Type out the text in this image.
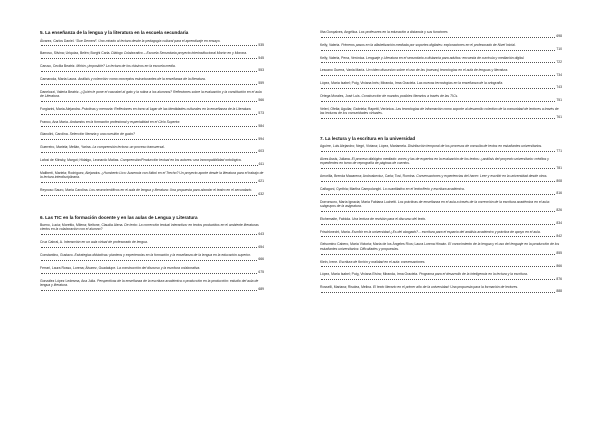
5. La enseñanza de la lengua y la literatura en la escuela secundaria
Álvarez, Carlos Daniel. “Due Demeni”. Uno mirado al lectura desde la pedagogía cultural para el aprendizaje en ensayo.
535
Barroso, Silvina; Uriquiza, Belén; Borghi Carla. Diálogo Colaborativo – Escuela Secundaria proyecto interinstitucional Morón en y Morona.
545
Caruso, Cecilia Beatriz. Mirión ¿imposible? La lectura de los clásicos en la escuela media.
553
Carnaroda, María Laura. Análisis y colección: como conceptos estructurantes de la enseñanza de la literatura.
559
Danelozzi, Valeria Beatriz. ¿Quién le pone el cascabel al gato y la rutina a los alumnos? Reflexiones sobre la evaluación y la constitución en el aula de Literatura.
566
Forgiarini, María Alejandra. Prácticas y memoria: Reflexiones en torno al lugar de las identidades culturales en la enseñanza de la Literatura.
573
Franco, Ana María. Andamios en la formación profesional y especialidad en el Ciclo Superior.
584
Gianolini, Carolina. Selección literaria y una cuestión de gusto?
594
Guerreiro, Mariela; Mellán, Yarina. La comprensión lectora: un proceso transversal.
603
Lafosi de Klinsky, Margot; Hidalgo, Leonardo Matías. Comprensión/Producción textual en los autores: una incompatibilidad ontológica.
611
Mallbertí, Mariela; Rodríguez, Alejandra. ¿Humberto Lico: Ausencia con fútbol en el Trecho? Un proyecto aporte desde la literatura para el trabajo de la lectura interdisciplinaria.
621
Reynoso Sauro, María Carolina. Los neurocientíficos en el aula de lengua y literatura: Una propuesta para abordar el teatro en el secundario.
632
6. Las TIC en la formación docente y en las aulas de Lengua y Literatura
Bueno, Lucía; Morettio, Milena; Neltone, Claudia Alena. De texto: La corrección textual interactiva: en textos producidos en el ambiente literaturas ciertos en la colaboración con el alumno?
643
Cruz Cabral, A. Interacción en un aula virtual de profesorado de lengua.
654
Constantino, Gustavo. Estrategias didácticas: planteos y experiencias en la formación y la enseñanza de la lengua en la educación superior.
666
Ferrari, Laura Rosso, Lorena; Álvarez, Guadalupe. La construcción del discurso y la escritura colaborativa.
675
González López Ledesma, Ana Julia. Perspectivas de la enseñanza de la escritura académica o producción en la producción: estudio del aula de lengua y literatura.
689
Ilha Gonçalves, Angélica. Los profesores en la educación a distancia y sus funciones
698
Kelly, Valeria. Primeros pasos en la alfabetización mediada por soportes digitales: exploraciones en el profesorado de Nivel Inicial.
710
Kelly, Valeria, Pena, Verónica. Lenguaje y Literatura en el secundario a distancia para adultos: encuesta de curricula y mediación digital.
722
Lescano Guerra, Vania María. Un video discursivo sobre el uso de las (nuevas) tecnologías en el aula de lenguas y literatura.
734
López, María Isabel; Puig, Viviana Inés; Miranda, Irma Graciela. Las nuevas tecnologías en la enseñanza de la ortografía.
743
Ortega Morales, José Luis. Construcción de mundos posibles literarios a través de las TICs.
751
Veleri, Ofelia; Aguilar, Gabriela; Rapetti, Verónica. Las tecnologías de información como soporte al desarrollo colectivo de la comunidad de lectores a través de las lecturas de los comunidades virtuales.
761
7. La lectura y la escritura en la universidad
Aguirre, Luis Alejandro; Negri, Viviana; López, Mariamela. Distribución temporal de los procesos de consulta de textos en estudiantes universitarios.
771
Alves Assis, Juliana. El proceso dialógico mediado: voces y las de expertos en la evaluación de los textos: ¿análisis del proyecto universitario: créditos y expedientes en torno de reprografía de páginas de cuentos.
781
Amorilla, Brenda Macarena; Andruskevicz, Carla; Tosi, Romina. Conversaciones y experiencias del hacer: Leer y escribir en la universidad desde otros.
808
Cafiagoni, Cynthia; Martha Campolonghi. Lo cuantitativo en el lector/ferio y escritura académica.
816
Dorronsoro, María Ignacia; María Fabiana Luchetti. Los prácticas de enseñanza en el aula a través de la corrección de la escritura académica en el aula: subgrupos de la asignatura.
826
Etchemaite, Fabiola. Una lectura de revisión para el discurso del texto.
834
Frischknecht, María. Escribir en la universidad ¿Es del abogado?... escritura para el espacio del análisis académico y práctica de apoyo en el aula.
842
Gelsomino Cabero, María Victoria; María de los Ángeles Ríos; Laura Lorena Hincán. El conocimiento de la lengua y el uso del lenguaje en la producción de los estudiantes universitarios: Dificultades y propuestas.
855
Klein, Irene. Escritura de ficción y oralidad en el aula: conversaciones.
866
López, María Isabel; Puig, Viviana Elvira; Miranda, Irma Graciela. Programa para el desarrollo de la inteligencia en la lectura y la escritura.
876
Rosselli, Mariana; Risolea, Melina. El texto literario en el primer año de la universidad: Una propuesta para la formación de lectores.
888
